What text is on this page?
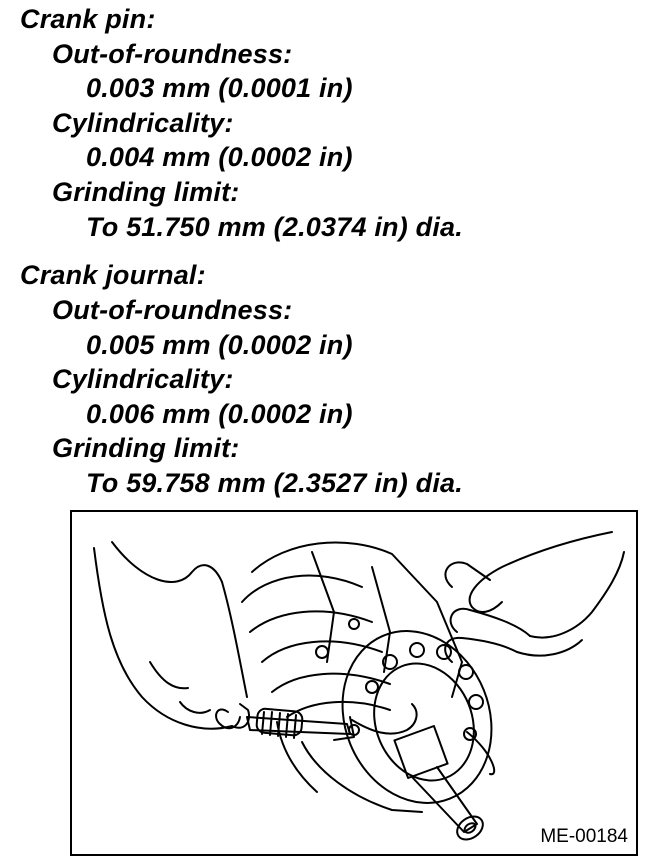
Crank pin:
Out-of-roundness:
0.003 mm (0.0001 in)
Cylindricality:
0.004 mm (0.0002 in)
Grinding limit:
To 51.750 mm (2.0374 in) dia.
Crank journal:
Out-of-roundness:
0.005 mm (0.0002 in)
Cylindricality:
0.006 mm (0.0002 in)
Grinding limit:
To 59.758 mm (2.3527 in) dia.
ME-00184
